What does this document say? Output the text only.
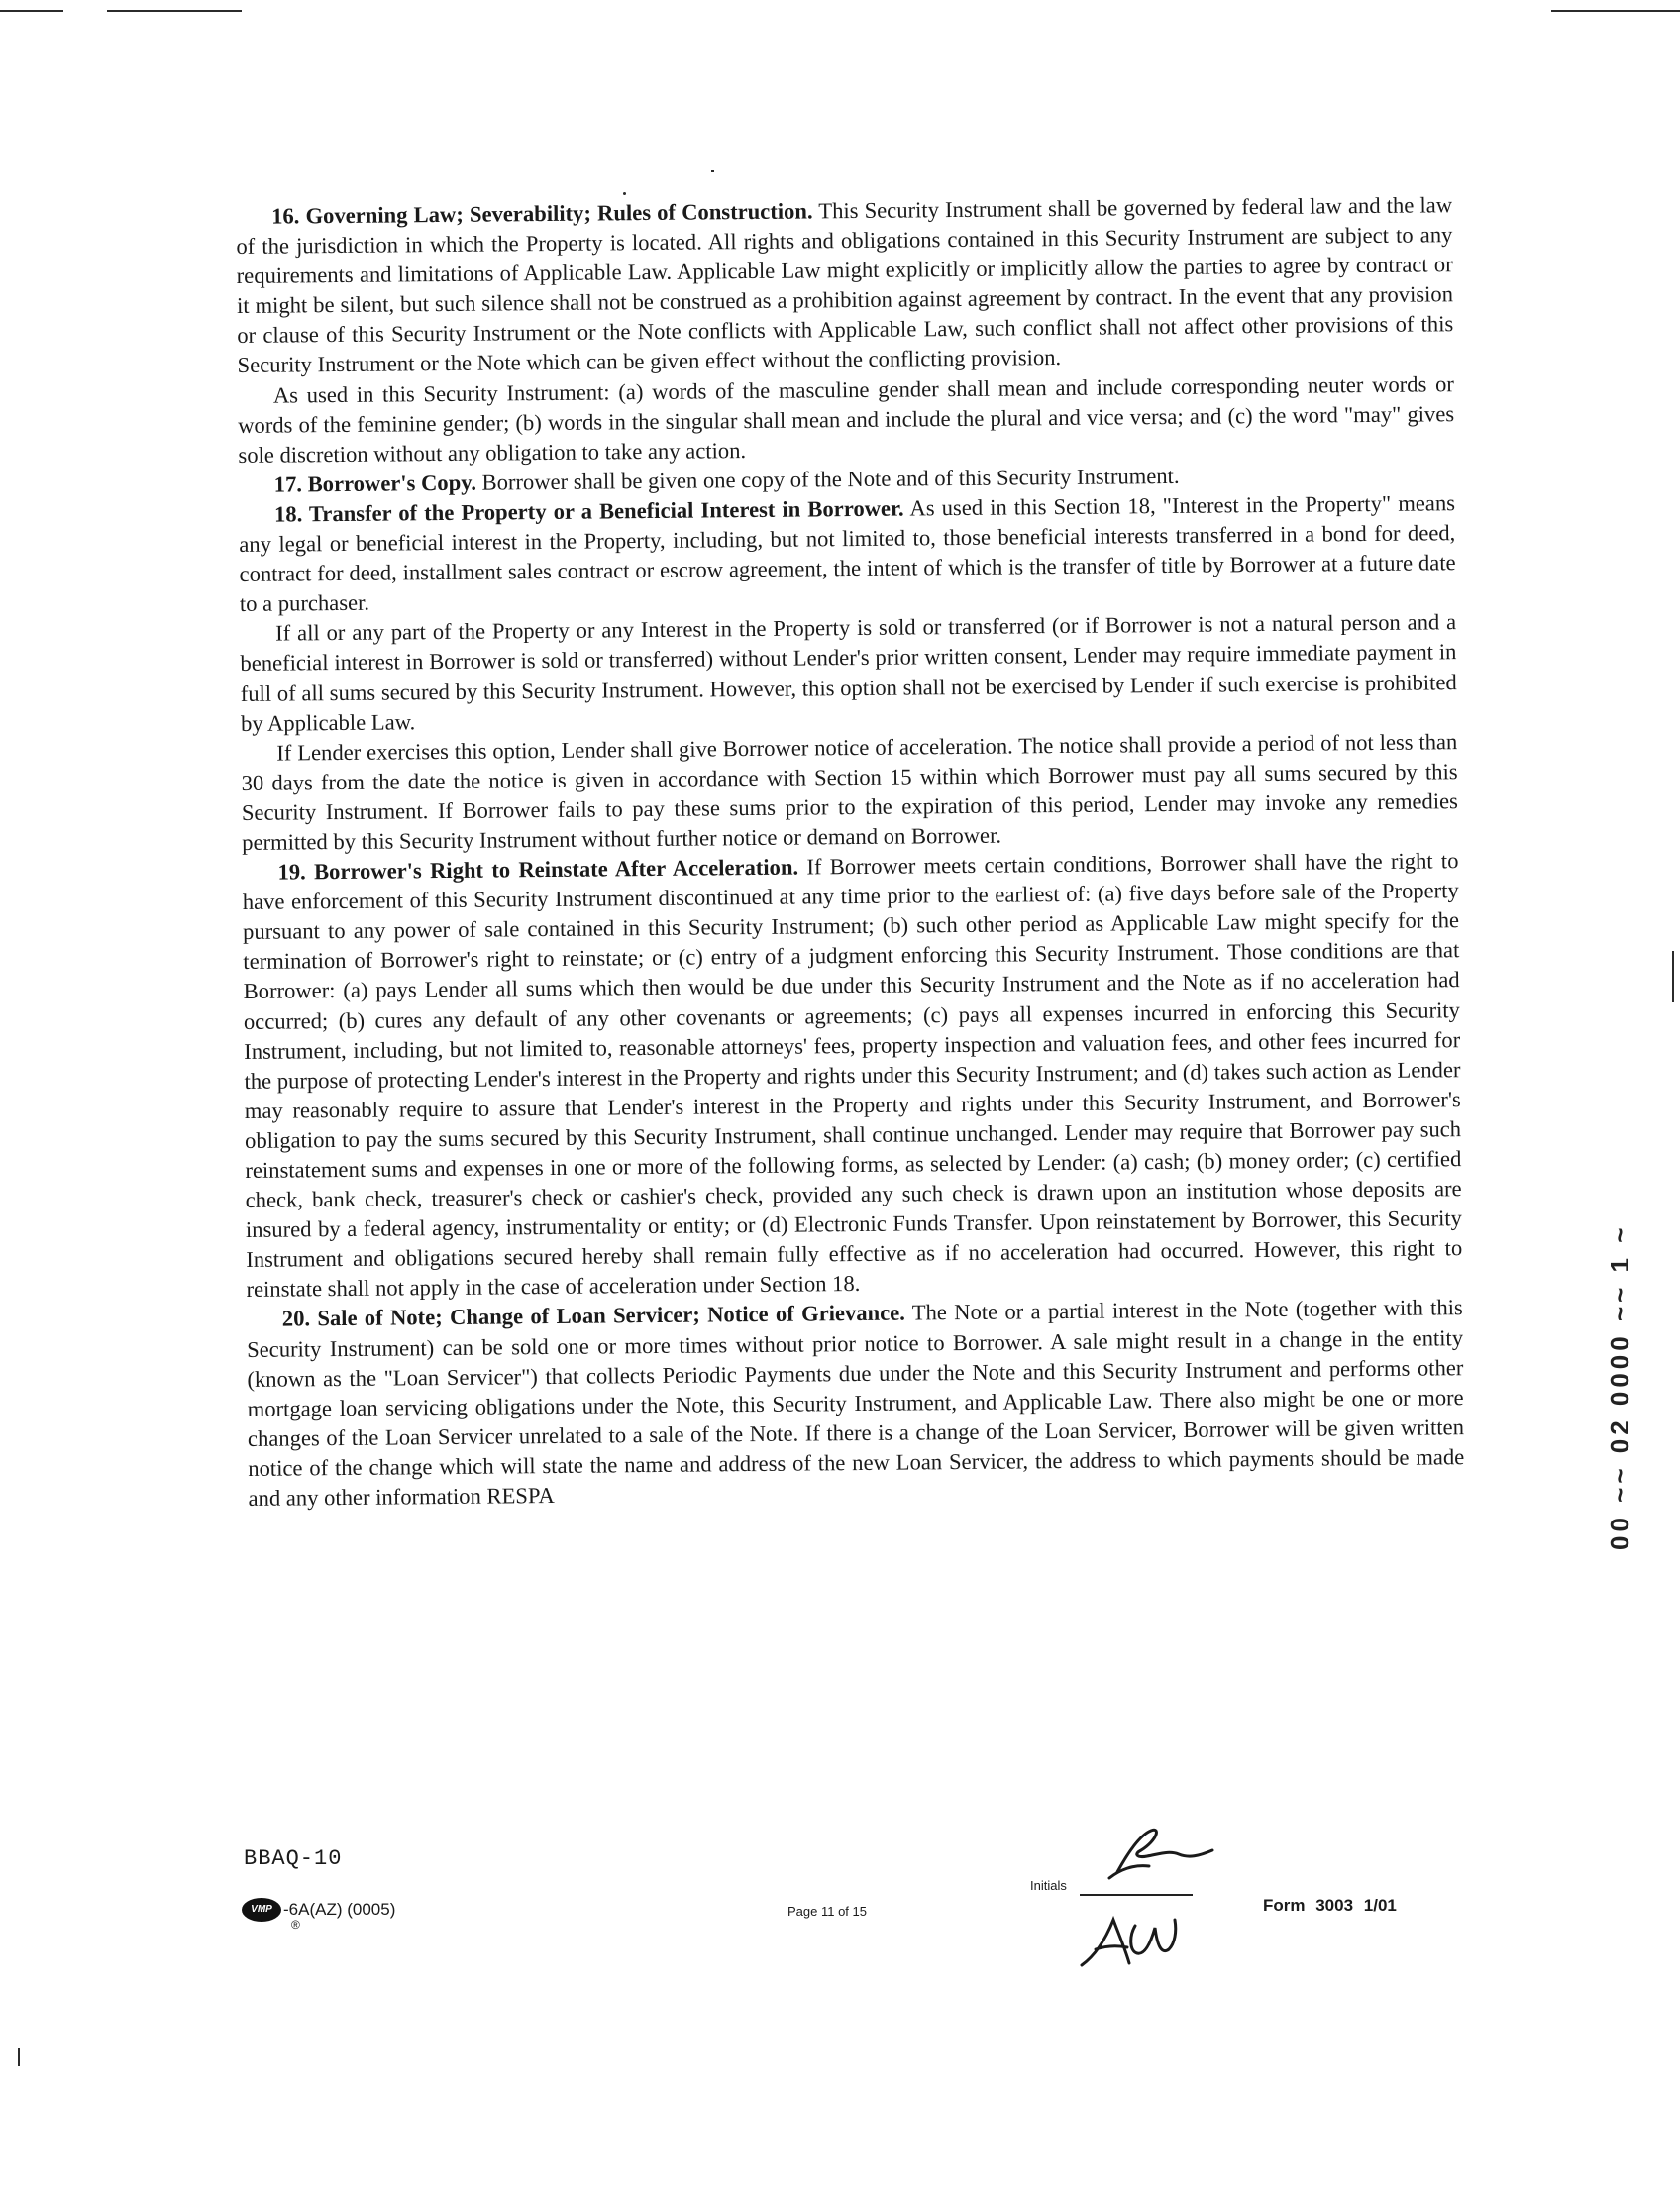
16. Governing Law; Severability; Rules of Construction. This Security Instrument shall be governed by federal law and the law of the jurisdiction in which the Property is located. All rights and obligations contained in this Security Instrument are subject to any requirements and limitations of Applicable Law. Applicable Law might explicitly or implicitly allow the parties to agree by contract or it might be silent, but such silence shall not be construed as a prohibition against agreement by contract. In the event that any provision or clause of this Security Instrument or the Note conflicts with Applicable Law, such conflict shall not affect other provisions of this Security Instrument or the Note which can be given effect without the conflicting provision.

As used in this Security Instrument: (a) words of the masculine gender shall mean and include corresponding neuter words or words of the feminine gender; (b) words in the singular shall mean and include the plural and vice versa; and (c) the word "may" gives sole discretion without any obligation to take any action.

17. Borrower's Copy. Borrower shall be given one copy of the Note and of this Security Instrument.

18. Transfer of the Property or a Beneficial Interest in Borrower. As used in this Section 18, "Interest in the Property" means any legal or beneficial interest in the Property, including, but not limited to, those beneficial interests transferred in a bond for deed, contract for deed, installment sales contract or escrow agreement, the intent of which is the transfer of title by Borrower at a future date to a purchaser.

If all or any part of the Property or any Interest in the Property is sold or transferred (or if Borrower is not a natural person and a beneficial interest in Borrower is sold or transferred) without Lender's prior written consent, Lender may require immediate payment in full of all sums secured by this Security Instrument. However, this option shall not be exercised by Lender if such exercise is prohibited by Applicable Law.

If Lender exercises this option, Lender shall give Borrower notice of acceleration. The notice shall provide a period of not less than 30 days from the date the notice is given in accordance with Section 15 within which Borrower must pay all sums secured by this Security Instrument. If Borrower fails to pay these sums prior to the expiration of this period, Lender may invoke any remedies permitted by this Security Instrument without further notice or demand on Borrower.

19. Borrower's Right to Reinstate After Acceleration. If Borrower meets certain conditions, Borrower shall have the right to have enforcement of this Security Instrument discontinued at any time prior to the earliest of: (a) five days before sale of the Property pursuant to any power of sale contained in this Security Instrument; (b) such other period as Applicable Law might specify for the termination of Borrower's right to reinstate; or (c) entry of a judgment enforcing this Security Instrument. Those conditions are that Borrower: (a) pays Lender all sums which then would be due under this Security Instrument and the Note as if no acceleration had occurred; (b) cures any default of any other covenants or agreements; (c) pays all expenses incurred in enforcing this Security Instrument, including, but not limited to, reasonable attorneys' fees, property inspection and valuation fees, and other fees incurred for the purpose of protecting Lender's interest in the Property and rights under this Security Instrument; and (d) takes such action as Lender may reasonably require to assure that Lender's interest in the Property and rights under this Security Instrument, and Borrower's obligation to pay the sums secured by this Security Instrument, shall continue unchanged. Lender may require that Borrower pay such reinstatement sums and expenses in one or more of the following forms, as selected by Lender: (a) cash; (b) money order; (c) certified check, bank check, treasurer's check or cashier's check, provided any such check is drawn upon an institution whose deposits are insured by a federal agency, instrumentality or entity; or (d) Electronic Funds Transfer. Upon reinstatement by Borrower, this Security Instrument and obligations secured hereby shall remain fully effective as if no acceleration had occurred. However, this right to reinstate shall not apply in the case of acceleration under Section 18.

20. Sale of Note; Change of Loan Servicer; Notice of Grievance. The Note or a partial interest in the Note (together with this Security Instrument) can be sold one or more times without prior notice to Borrower. A sale might result in a change in the entity (known as the "Loan Servicer") that collects Periodic Payments due under the Note and this Security Instrument and performs other mortgage loan servicing obligations under the Note, this Security Instrument, and Applicable Law. There also might be one or more changes of the Loan Servicer unrelated to a sale of the Note. If there is a change of the Loan Servicer, Borrower will be given written notice of the change which will state the name and address of the new Loan Servicer, the address to which payments should be made and any other information RESPA

BBAQ-10
VMP -6A(AZ) (0005)
®
Page 11 of 15
Initials
Form 3003 1/01
00 ~~ 02 0000 ~~ 1 ~
